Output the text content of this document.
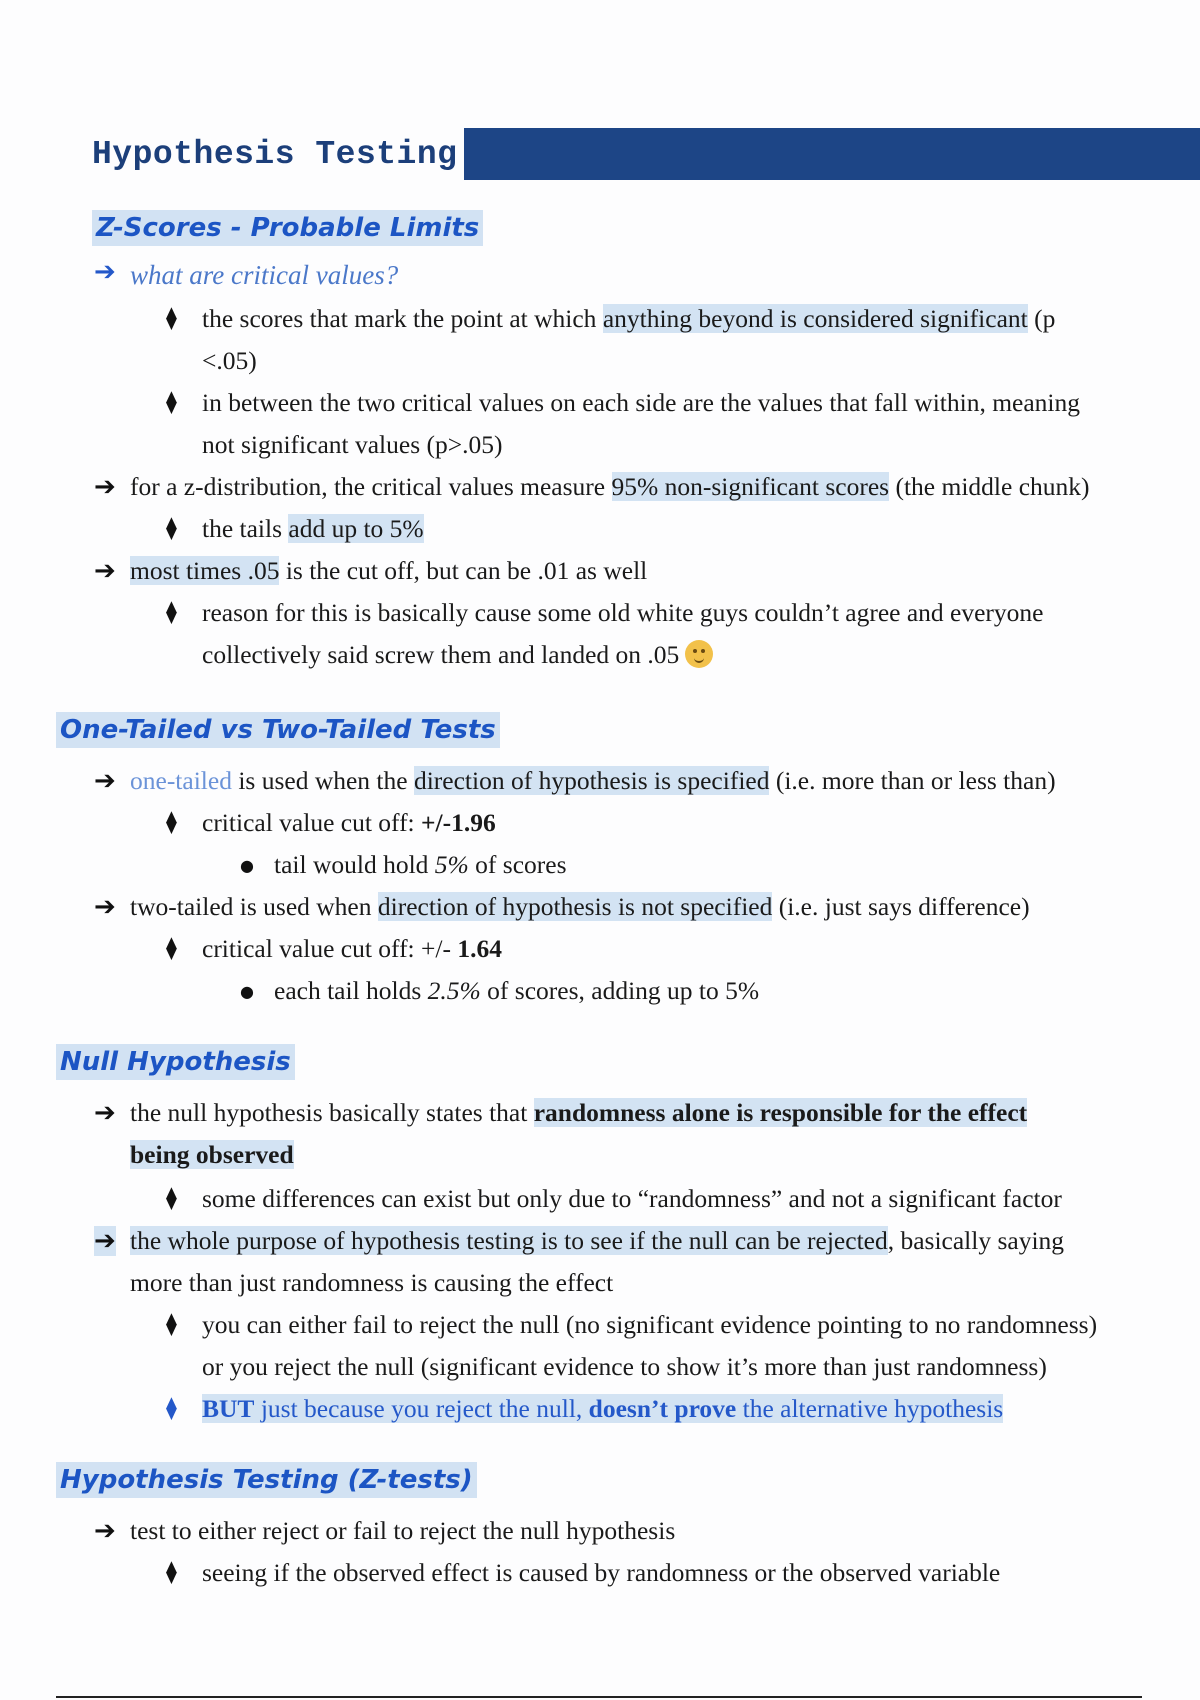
Hypothesis Testing
Z-Scores - Probable Limits
➔ what are critical values?
⧫ the scores that mark the point at which anything beyond is considered significant (p
<.05)
⧫ in between the two critical values on each side are the values that fall within, meaning
not significant values (p>.05)
➔ for a z-distribution, the critical values measure 95% non-significant scores (the middle chunk)
⧫ the tails add up to 5%
➔ most times .05 is the cut off, but can be .01 as well
⧫ reason for this is basically cause some old white guys couldn’t agree and everyone
collectively said screw them and landed on .05
One-Tailed vs Two-Tailed Tests
➔ one-tailed is used when the direction of hypothesis is specified (i.e. more than or less than)
⧫ critical value cut off: +/-1.96
● tail would hold 5% of scores
➔ two-tailed is used when direction of hypothesis is not specified (i.e. just says difference)
⧫ critical value cut off: +/- 1.64
● each tail holds 2.5% of scores, adding up to 5%
Null Hypothesis
➔ the null hypothesis basically states that randomness alone is responsible for the effect
being observed
⧫ some differences can exist but only due to “randomness” and not a significant factor
➔ the whole purpose of hypothesis testing is to see if the null can be rejected, basically saying
more than just randomness is causing the effect
⧫ you can either fail to reject the null (no significant evidence pointing to no randomness)
or you reject the null (significant evidence to show it’s more than just randomness)
⧫ BUT just because you reject the null, doesn’t prove the alternative hypothesis
Hypothesis Testing (Z-tests)
➔ test to either reject or fail to reject the null hypothesis
⧫ seeing if the observed effect is caused by randomness or the observed variable
